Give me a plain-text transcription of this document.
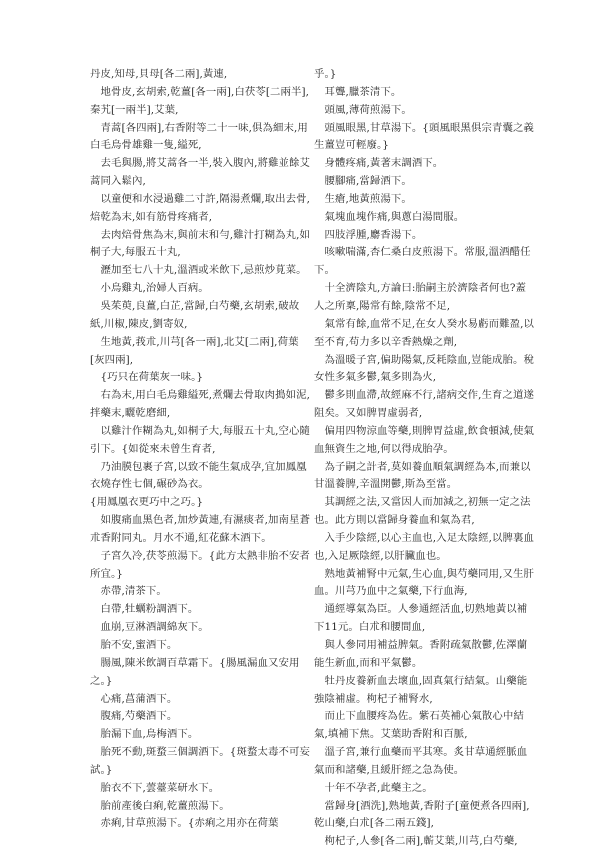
丹皮,知母,貝母[各二兩],黃連,

　地骨皮,玄胡索,乾薑[各一兩],白茯苓[二兩半],秦艽[一兩半],艾葉,

　青蒿[各四兩],右香附等二十一味,俱為細末,用白毛烏骨雄雞一隻,縊死,

　去毛與腸,將艾蒿各一半,裝入腹內,將雞並餘艾蒿同入鬆內,

　以童便和水浸過雞二寸許,隔湯煮爛,取出去骨,焙乾為末,如有筋骨疼痛者,

　去肉焙骨焦為末,與前末和勻,雞汁打糊為丸,如桐子大,每服五十丸,

　瀝加至七八十丸,溫酒或米飲下,忌煎炒莧菜。

　小烏雞丸,治婦人百病。

　吳茱萸,良薑,白芷,當歸,白芍藥,玄胡索,破故紙,川椒,陳皮,劉寄奴,

　生地黃,莪朮,川芎[各一兩],北艾[二兩],荷葉[灰四兩],

　{巧只在荷葉灰一味。}

　右為末,用白毛烏雞縊死,煮爛去骨取肉搗如泥,拌藥末,曬乾磨細,

　以雞汁作糊為丸,如桐子大,每服五十丸,空心隨引下。{如從來未曾生育者,

　乃油膜包裹子宮,以致不能生氣成孕,宜加鳳凰衣燒存性七個,碾砂為衣。

{用鳳凰衣更巧中之巧。}

　如腹痛血黑色者,加炒黃連,有濕痰者,加南星蒼朮香附同丸。月水不通,紅花蘇木酒下。

　子宮久冷,茯苓煎湯下。{此方太熱非胎不安者所宜。}

　赤帶,清茶下。

　白帶,牡蠣粉調酒下。

　血崩,豆淋酒調綿灰下。

　胎不安,蜜酒下。

　腸風,陳米飲調百草霜下。{腸風漏血又安用之。}

　心痛,菖蒲酒下。

　腹痛,芍藥酒下。

　胎漏下血,烏梅酒下。

　胎死不動,斑蝥三個調酒下。{斑蝥太毒不可妄試。}

　胎衣不下,蕓薹菜研水下。

　胎前產後白痢,乾薑煎湯下。

　赤痢,甘草煎湯下。{赤痢之用亦在荷葉

乎。}

　耳聾,臘茶清下。

　頭風,薄荷煎湯下。

　頭風眼黑,甘草湯下。{頭風眼黑俱宗青囊之義生薑豈可輕廢。}

　身體疼痛,黃著末調酒下。

　腰腳痛,當歸酒下。

　生瘡,地黃煎湯下。

　氣塊血塊作痛,與蔥白湯間服。

　四肢浮腫,麝香湯下。

　咳嗽喘滿,杏仁桑白皮煎湯下。常服,溫酒醋任下。

　十全濟陰丸,方論曰:胎嗣主於濟陰者何也?蓋人之所稟,陽常有餘,陰常不足,

　氣常有餘,血常不足,在女人癸水易虧而難盈,以至不育,苟力多以辛香熱燥之劑,

　為溫暖子宮,偏助陽氣,反耗陰血,豈能成胎。稅女性多氣多鬱,氣多則為火,

　鬱多則血滯,故經麻不行,諸病交作,生育之道遂阻矣。又如脾胃虛弱者,

　偏用四物涼血等藥,則脾胃益虛,飲食頓減,使氣血無資生之地,何以得成胎孕。

　為子嗣之計者,莫如養血順氣調經為本,而兼以甘溫養脾,辛溫開鬱,斯為至當。

　其調經之法,又當因人而加減之,初無一定之法也。此方則以當歸身養血和氣為君,

　入手少陰經,以心主血也,入足太陰經,以脾裏血也,入足厥陰經,以肝臟血也。

　熟地黃補腎中元氣,生心血,與芍藥同用,又生肝血。川芎乃血中之氣藥,下行血海,

　通經導氣為臣。人參通經活血,切熟地黃以補下11元。白朮和腰間血,

　與人參同用補益脾氣。香附疏氣散鬱,佐澤蘭能生新血,而和平氣鬱。

　牡丹皮養新血去壞血,固真氣行結氣。山藥能強陰補虛。枸杞子補腎水,

　而止下血腰疼為佐。紫石英補心氣散心中結氣,填補下焦。艾葉助香附和百脈,

　溫子宮,兼行血藥而平其寒。炙甘草通經脈血氣而和諸藥,且緩肝經之急為使。

　十年不孕者,此藥主之。

　當歸身[酒洗],熟地黃,香附子[童便煮各四兩],乾山藥,白朮[各二兩五錢],

　枸杞子,人參[各二兩],蘄艾葉,川芎,白芍藥,
